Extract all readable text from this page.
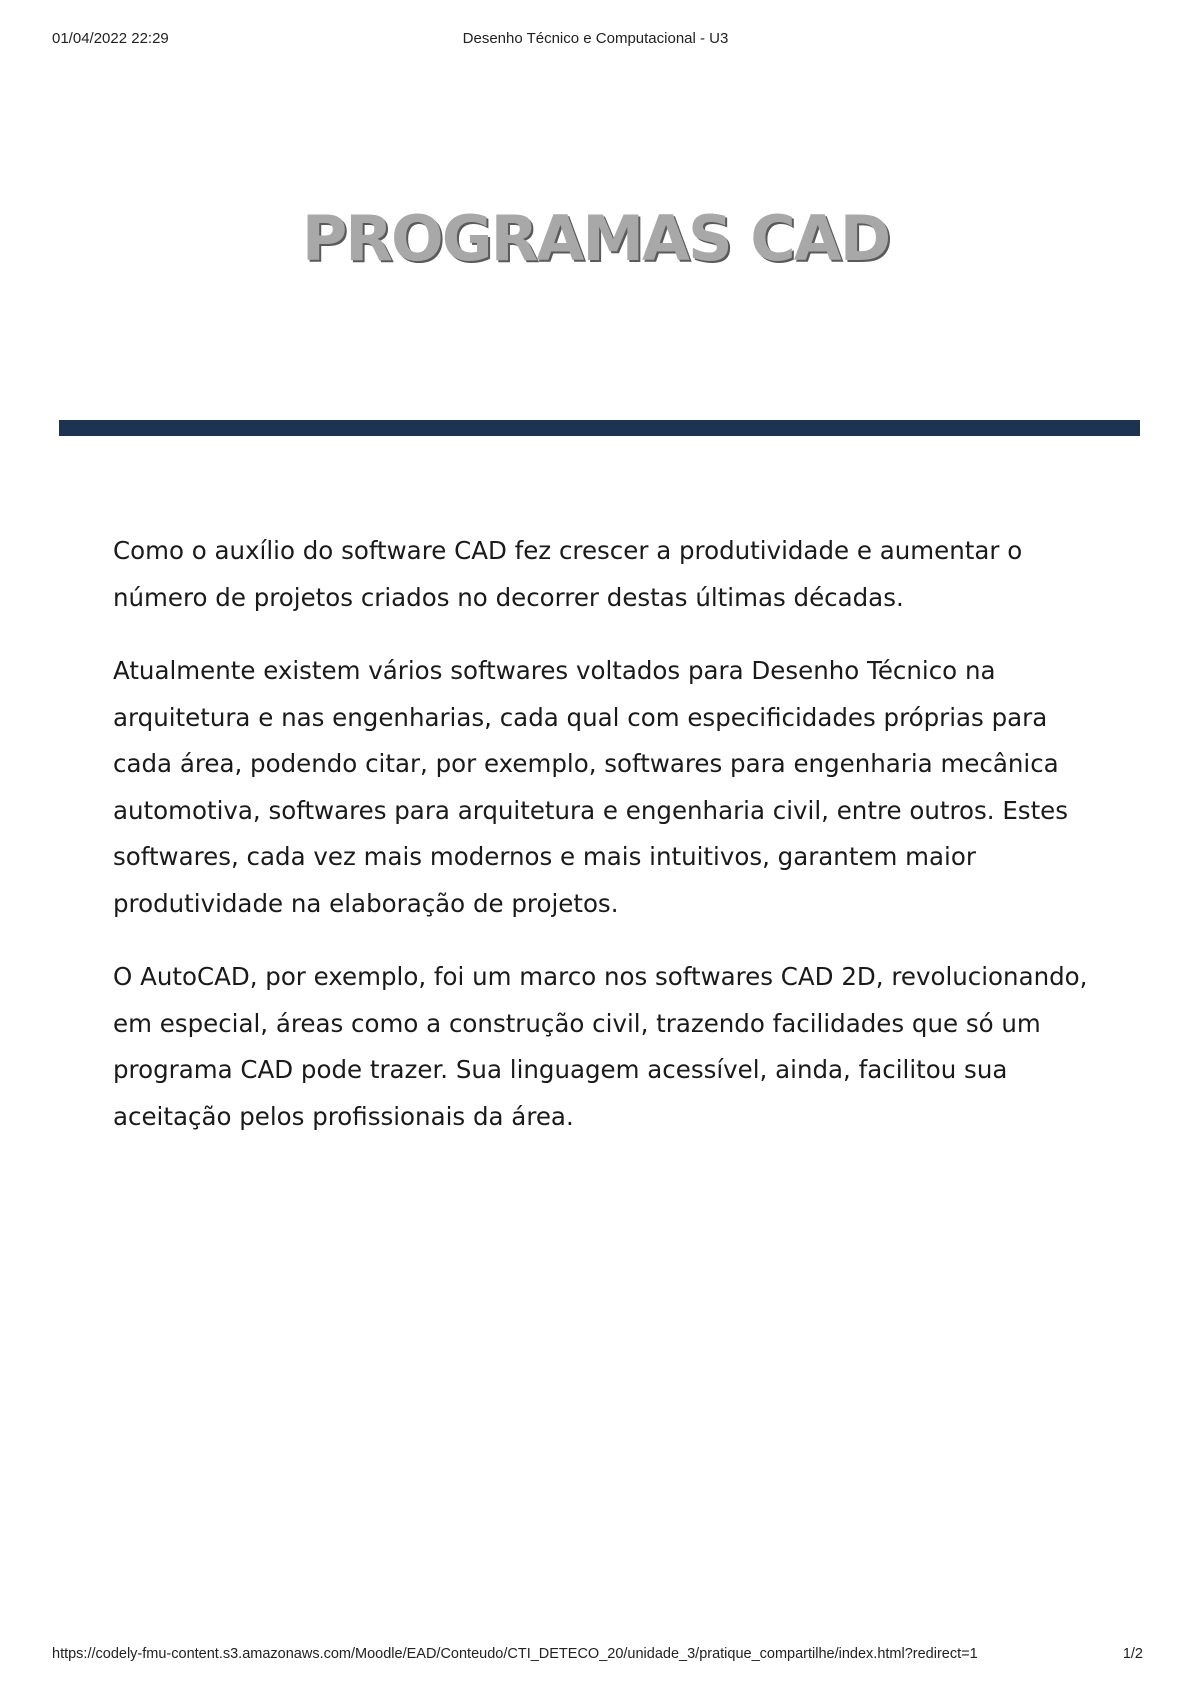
01/04/2022 22:29	Desenho Técnico e Computacional - U3
PROGRAMAS CAD

Como o auxílio do software CAD fez crescer a produtividade e aumentar o número de projetos criados no decorrer destas últimas décadas.

Atualmente existem vários softwares voltados para Desenho Técnico na arquitetura e nas engenharias, cada qual com especificidades próprias para cada área, podendo citar, por exemplo, softwares para engenharia mecânica automotiva, softwares para arquitetura e engenharia civil, entre outros. Estes softwares, cada vez mais modernos e mais intuitivos, garantem maior produtividade na elaboração de projetos.

O AutoCAD, por exemplo, foi um marco nos softwares CAD 2D, revolucionando, em especial, áreas como a construção civil, trazendo facilidades que só um programa CAD pode trazer. Sua linguagem acessível, ainda, facilitou sua aceitação pelos profissionais da área.

https://codely-fmu-content.s3.amazonaws.com/Moodle/EAD/Conteudo/CTI_DETECO_20/unidade_3/pratique_compartilhe/index.html?redirect=1	1/2
